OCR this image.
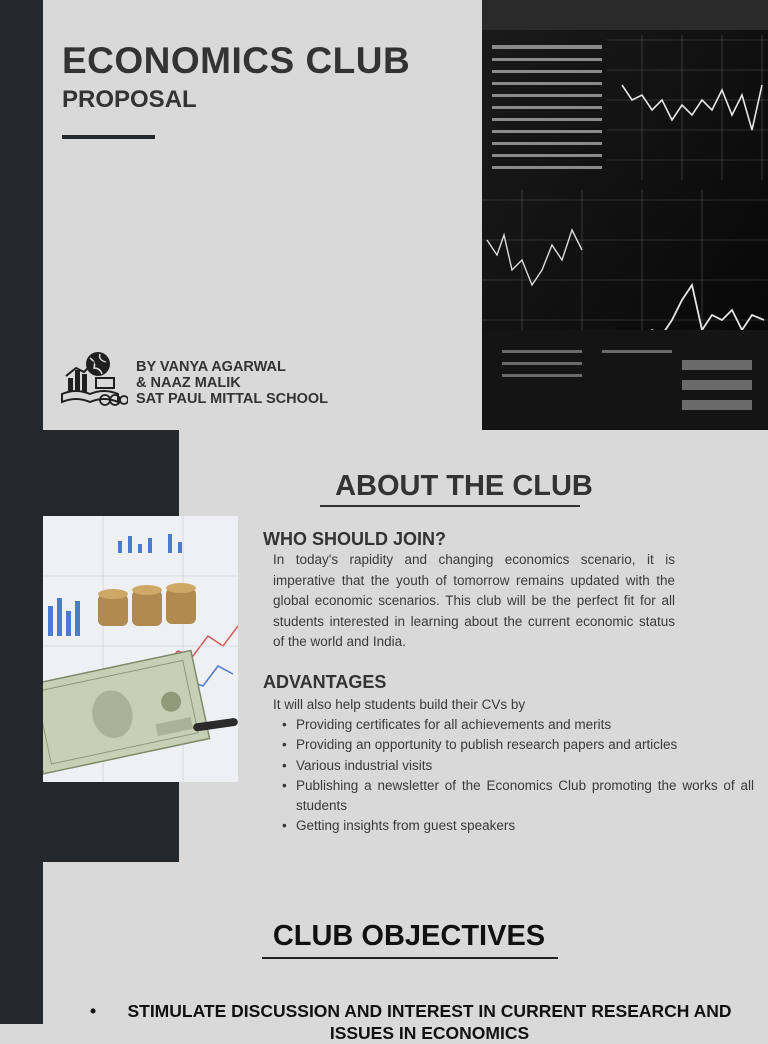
ECONOMICS CLUB
PROPOSAL
BY VANYA AGARWAL
& NAAZ MALIK
SAT PAUL MITTAL SCHOOL
ABOUT THE CLUB
WHO SHOULD JOIN?

In today's rapidity and changing economics scenario, it is imperative that the youth of tomorrow remains updated with the global economic scenarios. This club will be the perfect fit for all students interested in learning about the current economic status of the world and India.

ADVANTAGES

It will also help students build their CVs by

• Providing certificates for all achievements and merits
• Providing an opportunity to publish research papers and articles
• Various industrial visits
• Publishing a newsletter of the Economics Club promoting the works of all students
• Getting insights from guest speakers
CLUB OBJECTIVES
• STIMULATE DISCUSSION AND INTEREST IN CURRENT RESEARCH AND ISSUES IN ECONOMICS
